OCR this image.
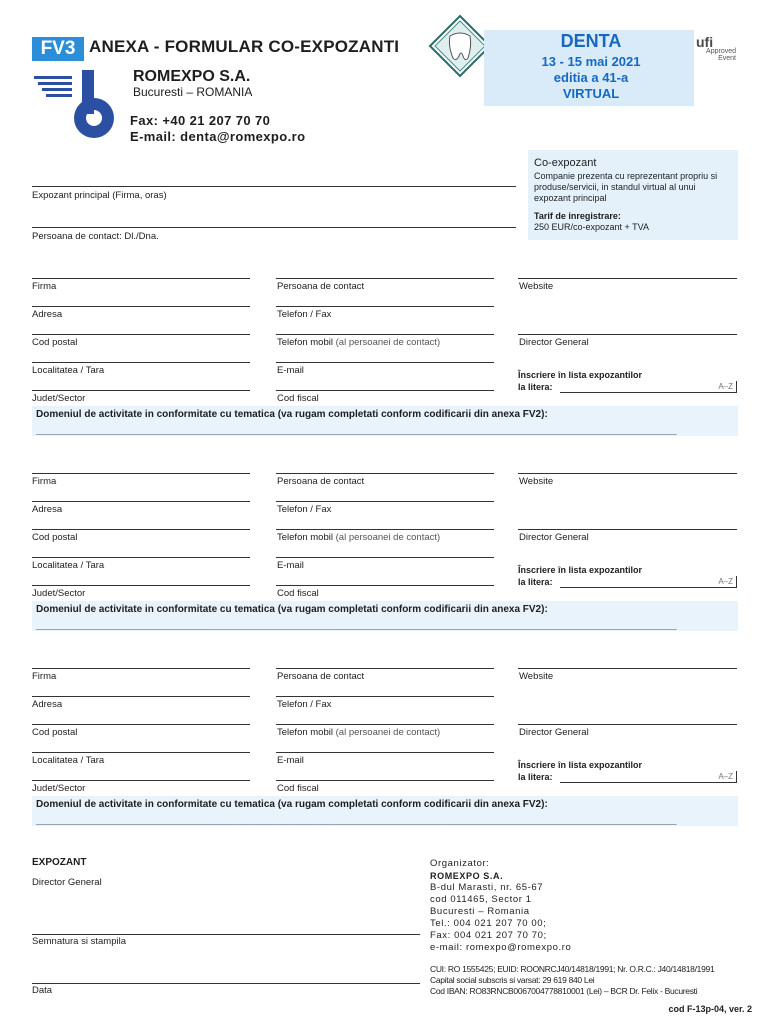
FV3 ANEXA - FORMULAR CO-EXPOZANTI
ROMEXPO S.A.
Bucuresti – ROMANIA
Fax: +40 21 207 70 70
E-mail: denta@romexpo.ro
DENTA
13 - 15 mai 2021
editia a 41-a
VIRTUAL
ufi
Approved
Event
Co-expozant
Companie prezenta cu reprezentant propriu si produse/servicii, in standul virtual al unui expozant principal
Tarif de inregistrare:
250 EUR/co-expozant + TVA
Expozant principal (Firma, oras)
Persoana de contact: Dl./Dna.
Firma	Persoana de contact	Website
Adresa	Telefon / Fax
Cod postal	Telefon mobil (al persoanei de contact)	Director General
Localitatea / Tara	E-mail	Înscriere în lista expozantilor
la litera:	A–Z
Judet/Sector	Cod fiscal
Domeniul de activitate in conformitate cu tematica (va rugam completati conform codificarii din anexa FV2):
________________________________________________________________________________________________________________________________
Firma	Persoana de contact	Website
Adresa	Telefon / Fax
Cod postal	Telefon mobil (al persoanei de contact)	Director General
Localitatea / Tara	E-mail	Înscriere în lista expozantilor
la litera:	A–Z
Judet/Sector	Cod fiscal
Domeniul de activitate in conformitate cu tematica (va rugam completati conform codificarii din anexa FV2):
________________________________________________________________________________________________________________________________
Firma	Persoana de contact	Website
Adresa	Telefon / Fax
Cod postal	Telefon mobil (al persoanei de contact)	Director General
Localitatea / Tara	E-mail	Înscriere în lista expozantilor
la litera:	A–Z
Judet/Sector	Cod fiscal
Domeniul de activitate in conformitate cu tematica (va rugam completati conform codificarii din anexa FV2):
________________________________________________________________________________________________________________________________
EXPOZANT
Director General
Semnatura si stampila
Data
Organizator:
ROMEXPO S.A.
B-dul Marasti, nr. 65-67
cod 011465, Sector 1
Bucuresti – Romania
Tel.: 004 021 207 70 00;
Fax: 004 021 207 70 70;
e-mail: romexpo@romexpo.ro
CUI: RO 1555425; EUID: ROONRCJ40/14818/1991; Nr. O.R.C.: J40/14818/1991
Capital social subscris si varsat: 29 619 840 Lei
Cod IBAN: RO83RNCB0067004778810001 (Lei) – BCR Dr. Felix - Bucuresti
cod F-13p-04, ver. 2
